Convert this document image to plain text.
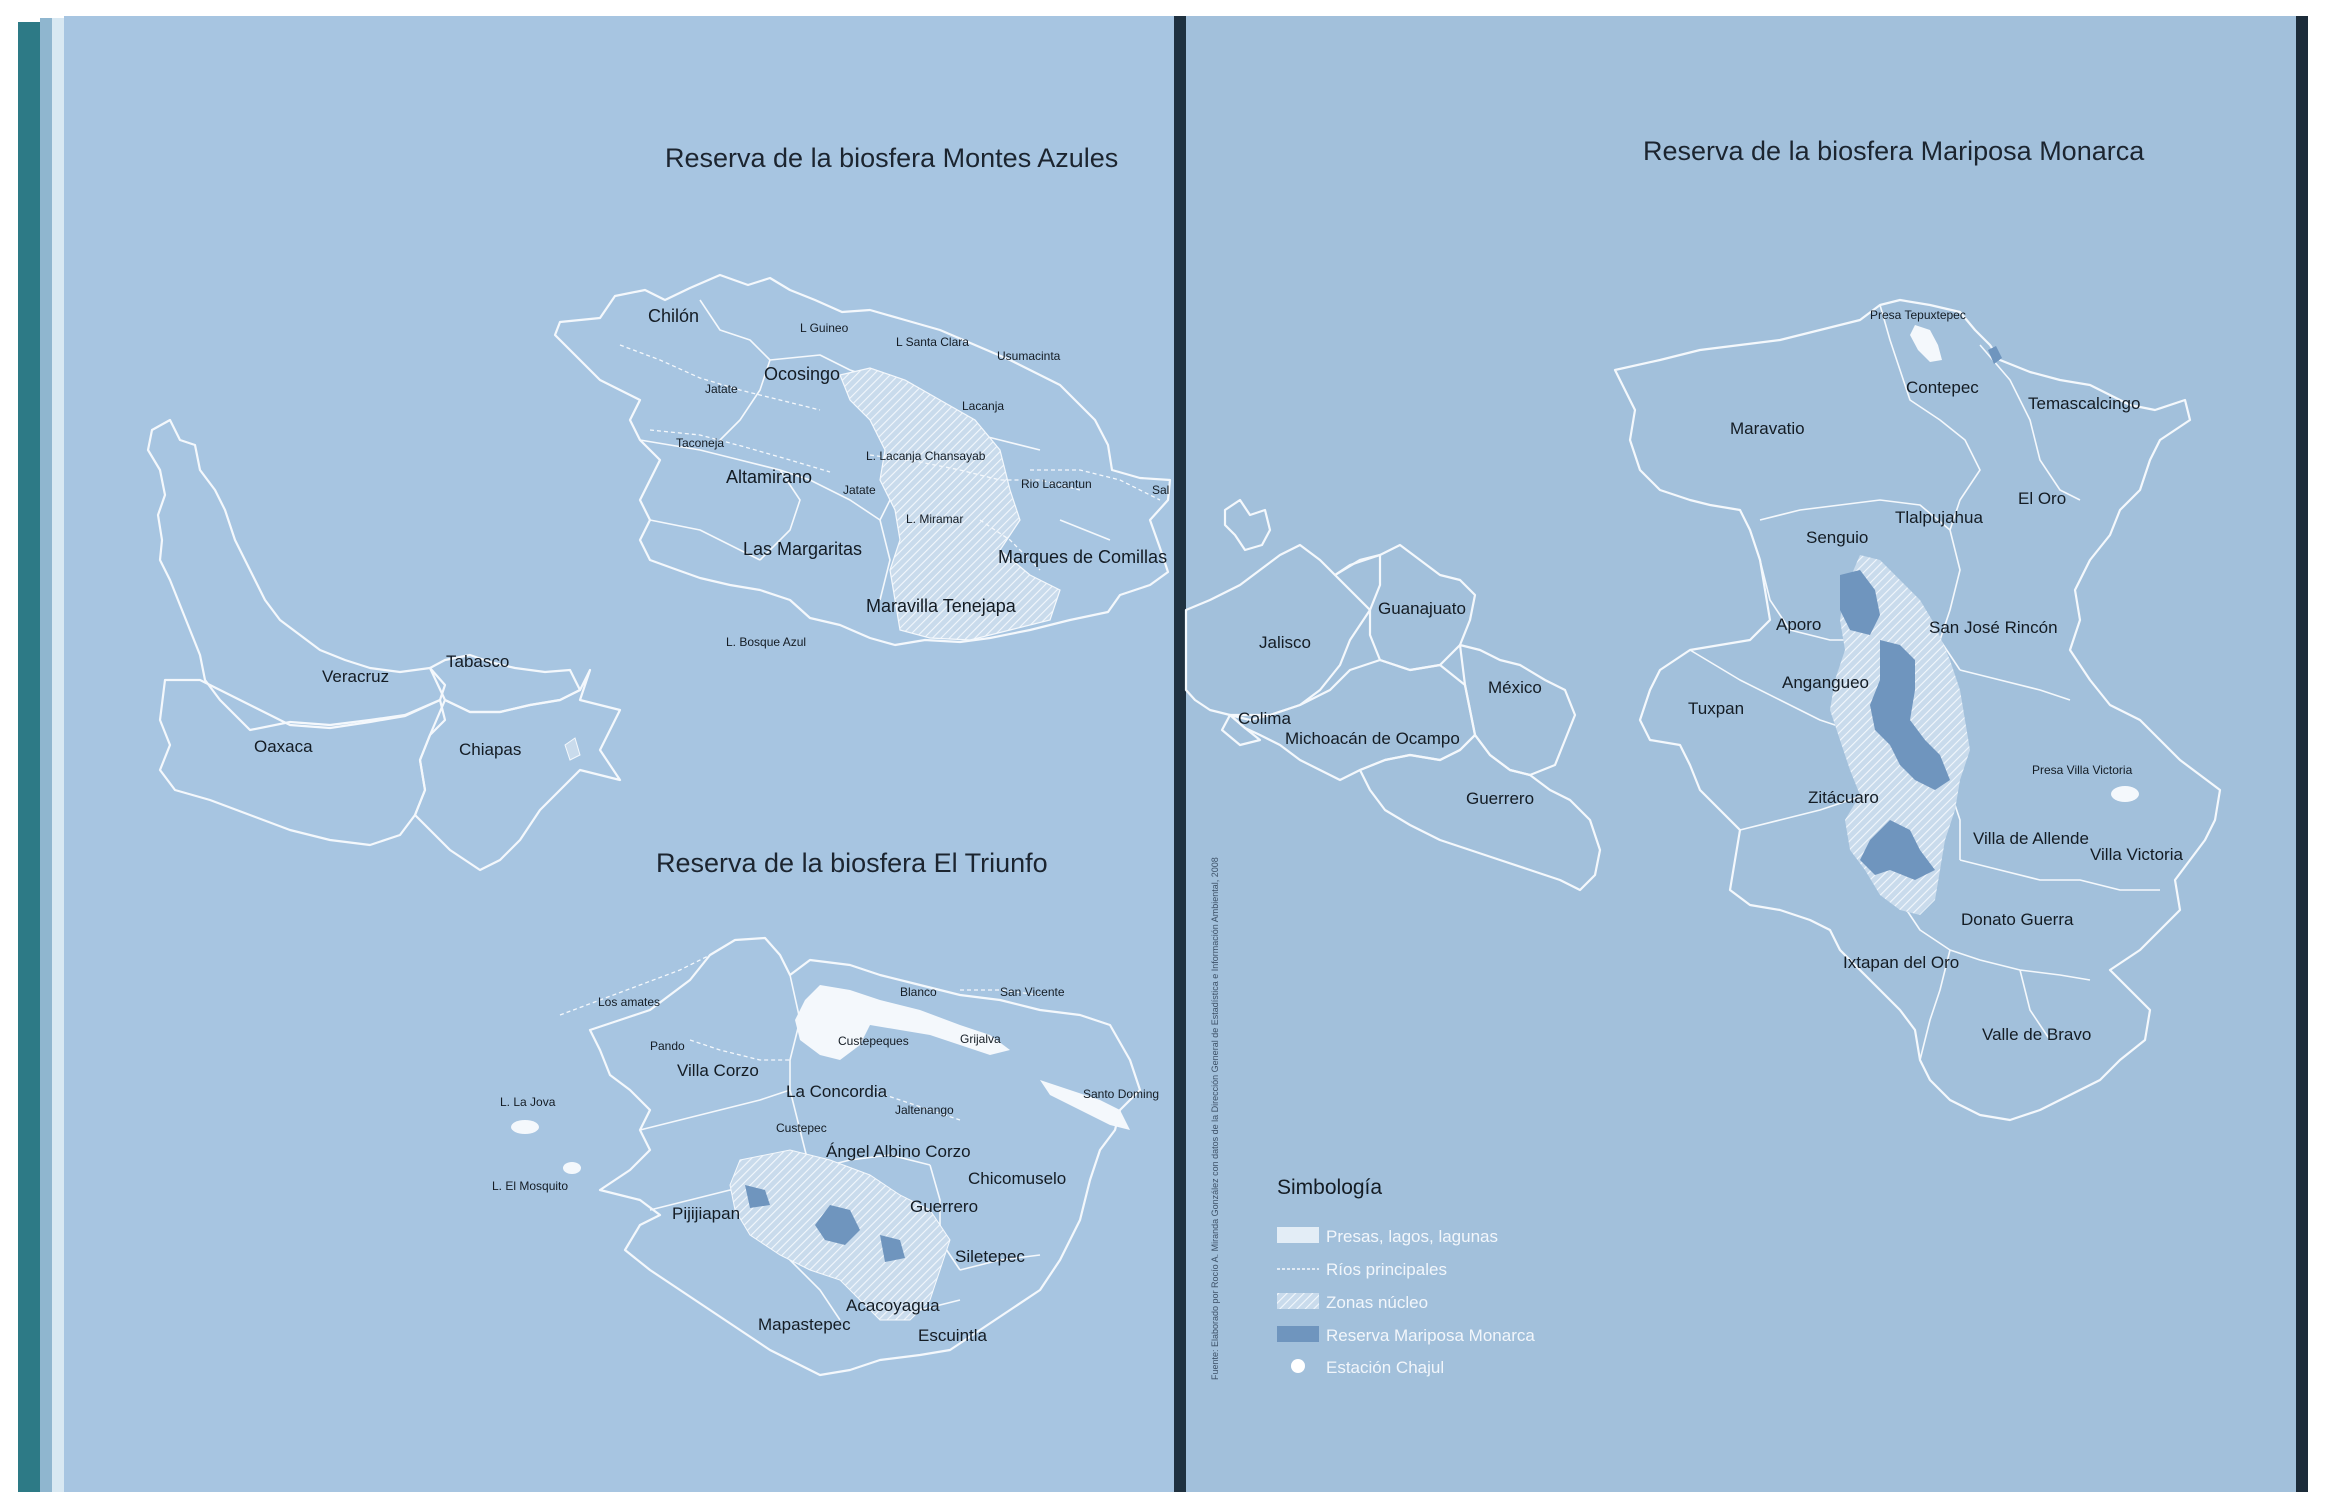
Reserva de la biosfera Montes Azules
Chilón
L Guineo
L Santa Clara
Usumacinta
Ocosingo
Jatate
Lacanja
Taconeja
L. Lacanja Chansayab
Altamirano
Jatate	Rio Lacantun	Sal
L. Miramar
Las Margaritas	Marques de Comillas
Maravilla Tenejapa
L. Bosque Azul
Veracruz
Tabasco
Oaxaca	Chiapas
Reserva de la biosfera El Triunfo
Blanco	San Vicente
Los amates
Custepeques	Grijalva
Pando
Villa Corzo
Santo Doming
L. La Jova
La Concordia
Jaltenango
Custepec
Ángel Albino Corzo
L. El Mosquito	Chicomuselo
Pijijiapan	Guerrero
Siletepec
Acacoyagua
Mapastepec
Escuintla
Guanajuato
Jalisco
México
Colima
Michoacán de Ocampo
Guerrero
Reserva de la biosfera Mariposa Monarca
Presa Tepuxtepec
Contepec
Temascalcingo
Maravatio
El Oro
Tlalpujahua
Senguio
Aporo	San José Rincón
Angangueo
Tuxpan
Presa Villa Victoria
Zitácuaro
Villa de Allende
Villa Victoria
Donato Guerra
Ixtapan del Oro
Valle de Bravo
Simbología
Presas, lagos, lagunas
Ríos principales
Zonas núcleo
Reserva Mariposa Monarca
Estación Chajul
Fuente: Elaborado por Rocío A. Miranda González con datos de la Dirección General de Estadística e Información Ambiental, 2008
